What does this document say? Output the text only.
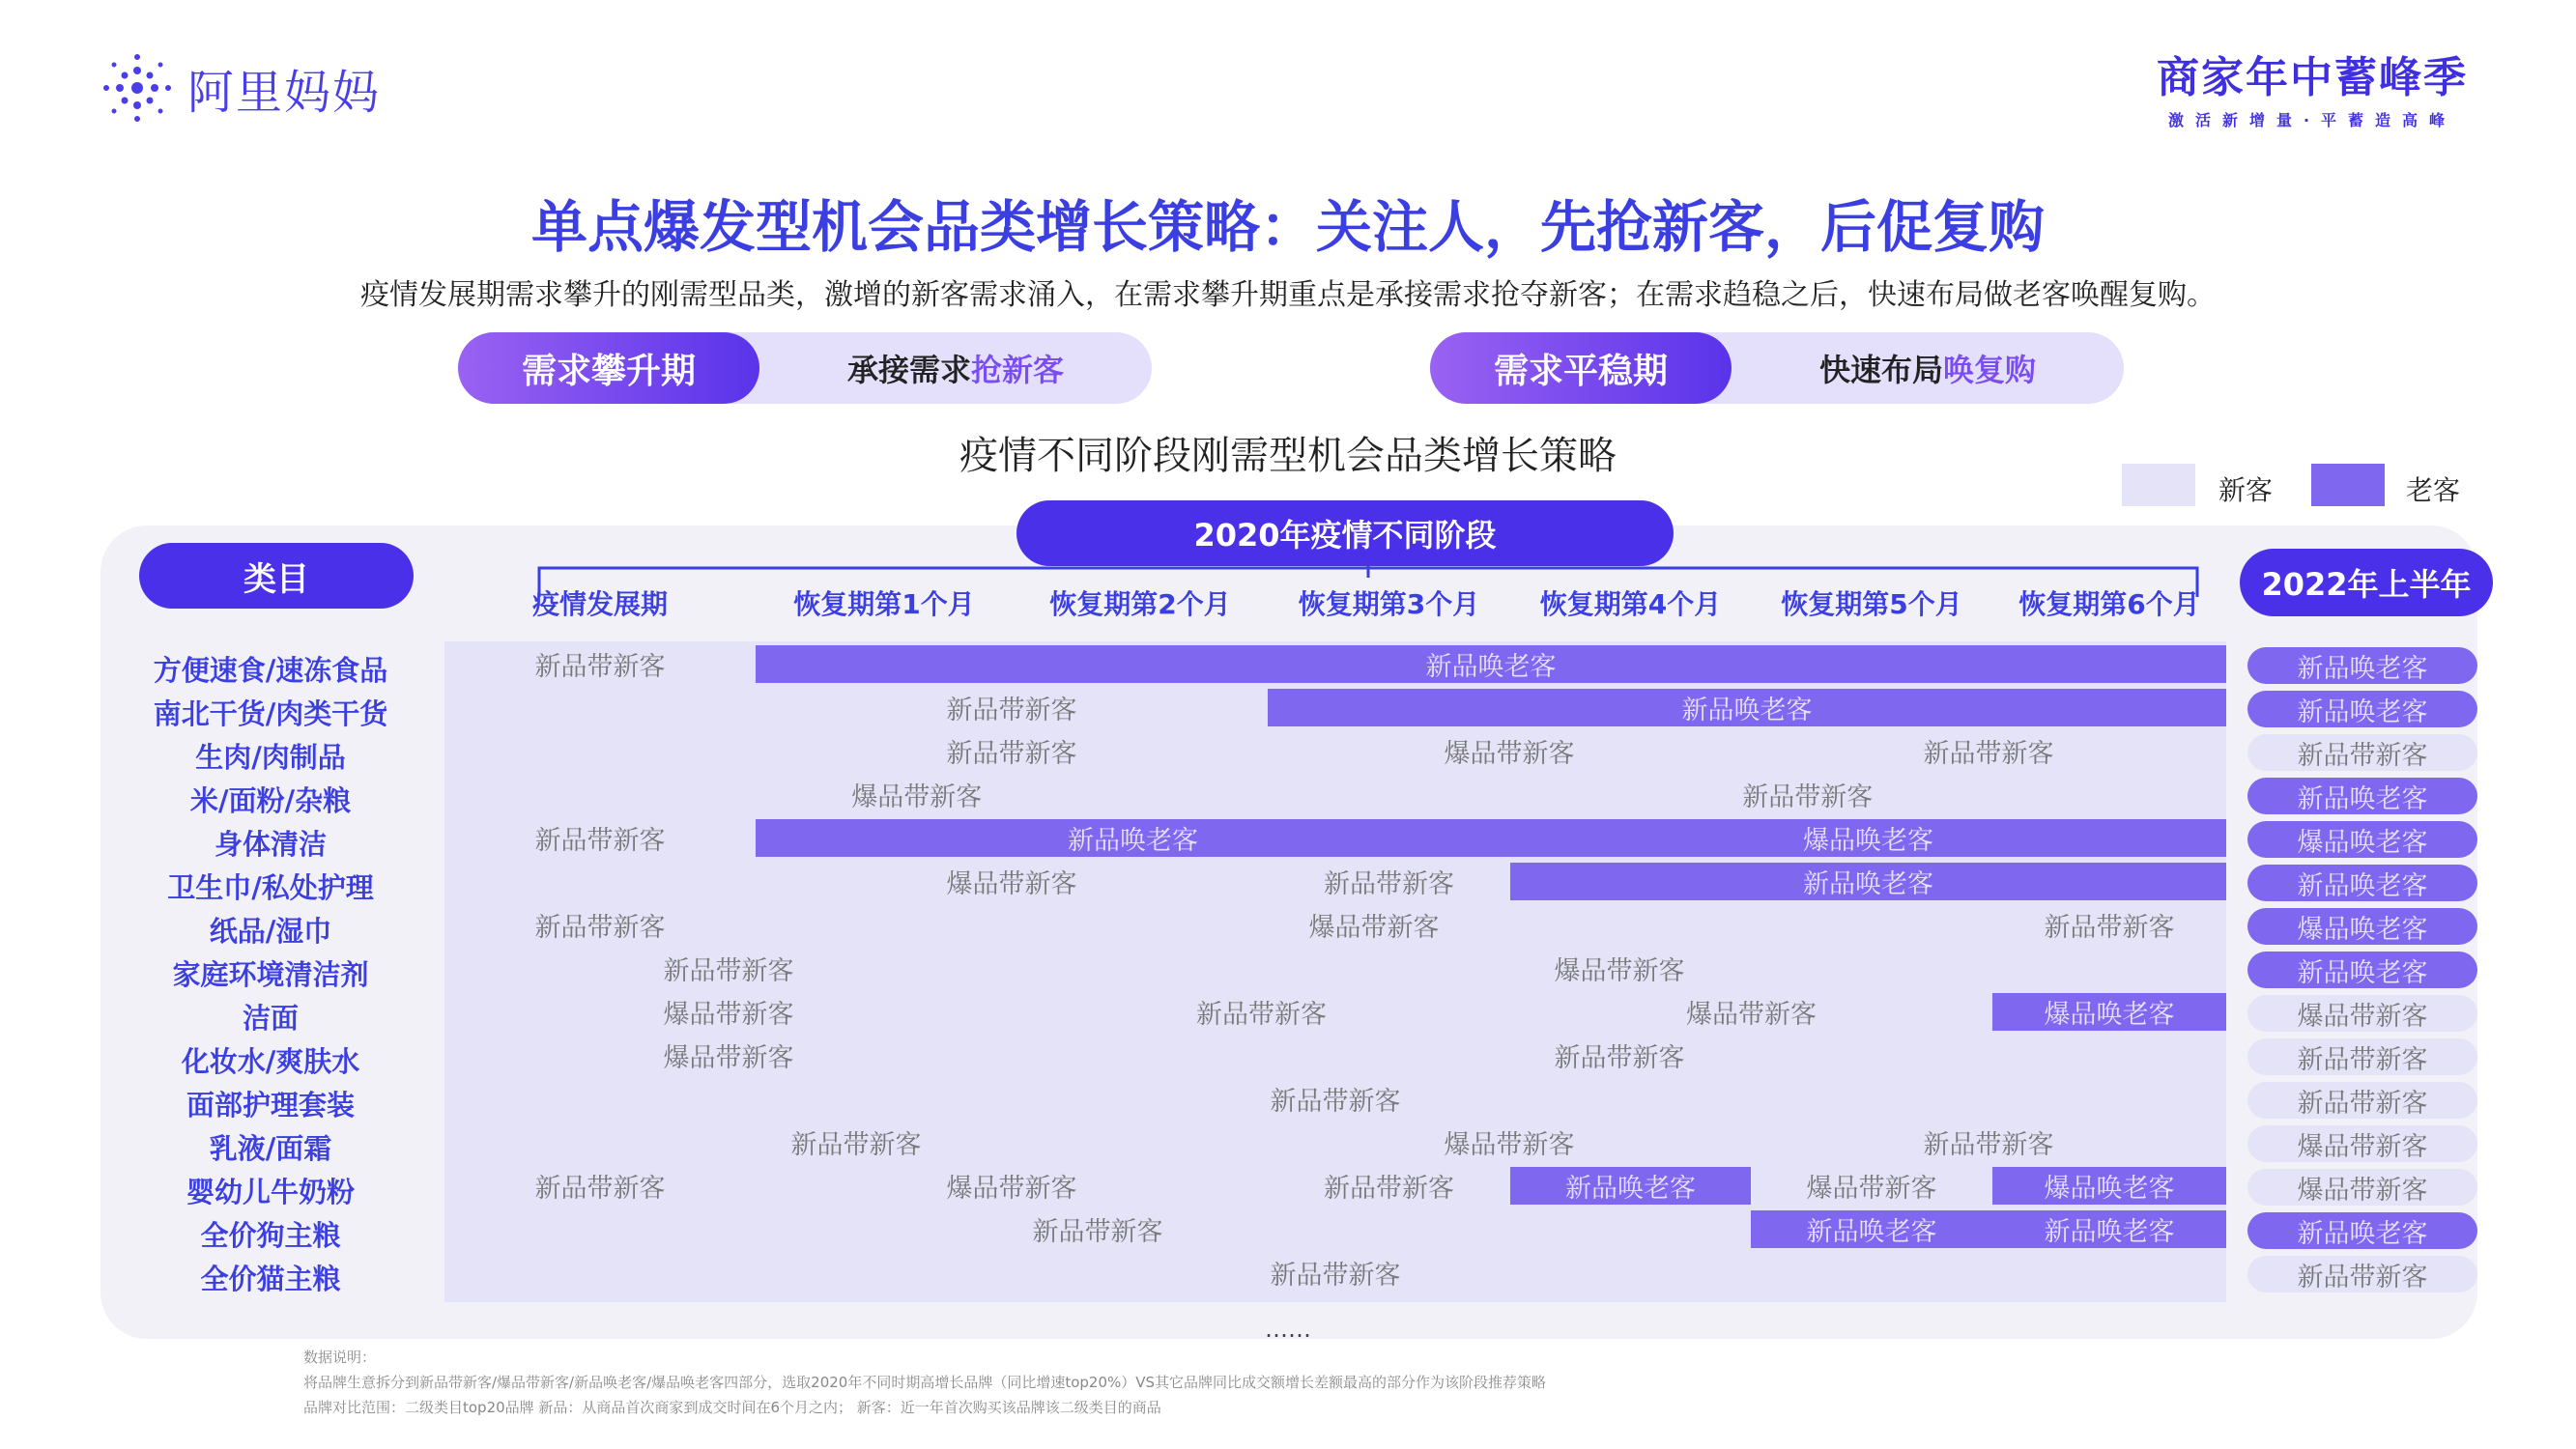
阿里妈妈	商家年中蓄峰季
激活新增量·平蓄造高峰
单点爆发型机会品类增长策略：关注人，先抢新客，后促复购
疫情发展期需求攀升的刚需型品类，激增的新客需求涌入，在需求攀升期重点是承接需求抢夺新客；在需求趋稳之后，快速布局做老客唤醒复购。
需求攀升期	承接需求抢新客	需求平稳期	快速布局唤复购
疫情不同阶段刚需型机会品类增长策略
新客	老客
类目
2020年疫情不同阶段
2022年上半年
疫情发展期	恢复期第1个月	恢复期第2个月	恢复期第3个月	恢复期第4个月	恢复期第5个月	恢复期第6个月
方便速食/速冻食品	新品带新客	新品唤老客	新品唤老客
南北干货/肉类干货	新品带新客	新品唤老客	新品唤老客
生肉/肉制品	新品带新客	爆品带新客	新品带新客	新品带新客
米/面粉/杂粮	爆品带新客	新品带新客	新品唤老客
身体清洁	新品带新客	新品唤老客	爆品唤老客	爆品唤老客
卫生巾/私处护理	爆品带新客	新品带新客	新品唤老客	新品唤老客
纸品/湿巾	新品带新客	爆品带新客	新品带新客	爆品唤老客
家庭环境清洁剂	新品带新客	爆品带新客	新品唤老客
洁面	爆品带新客	新品带新客	爆品带新客	爆品唤老客	爆品带新客
化妆水/爽肤水	爆品带新客	新品带新客	新品带新客
面部护理套装	新品带新客	新品带新客
乳液/面霜	新品带新客	爆品带新客	新品带新客	爆品带新客
婴幼儿牛奶粉	新品带新客	爆品带新客	新品带新客	新品唤老客	爆品带新客	爆品唤老客	爆品带新客
全价狗主粮	新品带新客	新品唤老客	新品唤老客	新品唤老客
全价猫主粮	新品带新客	新品带新客
……
数据说明：
将品牌生意拆分到新品带新客/爆品带新客/新品唤老客/爆品唤老客四部分，选取2020年不同时期高增长品牌（同比增速top20%）VS其它品牌同比成交额增长差额最高的部分作为该阶段推荐策略
品牌对比范围：二级类目top20品牌 新品：从商品首次商家到成交时间在6个月之内； 新客：近一年首次购买该品牌该二级类目的商品
